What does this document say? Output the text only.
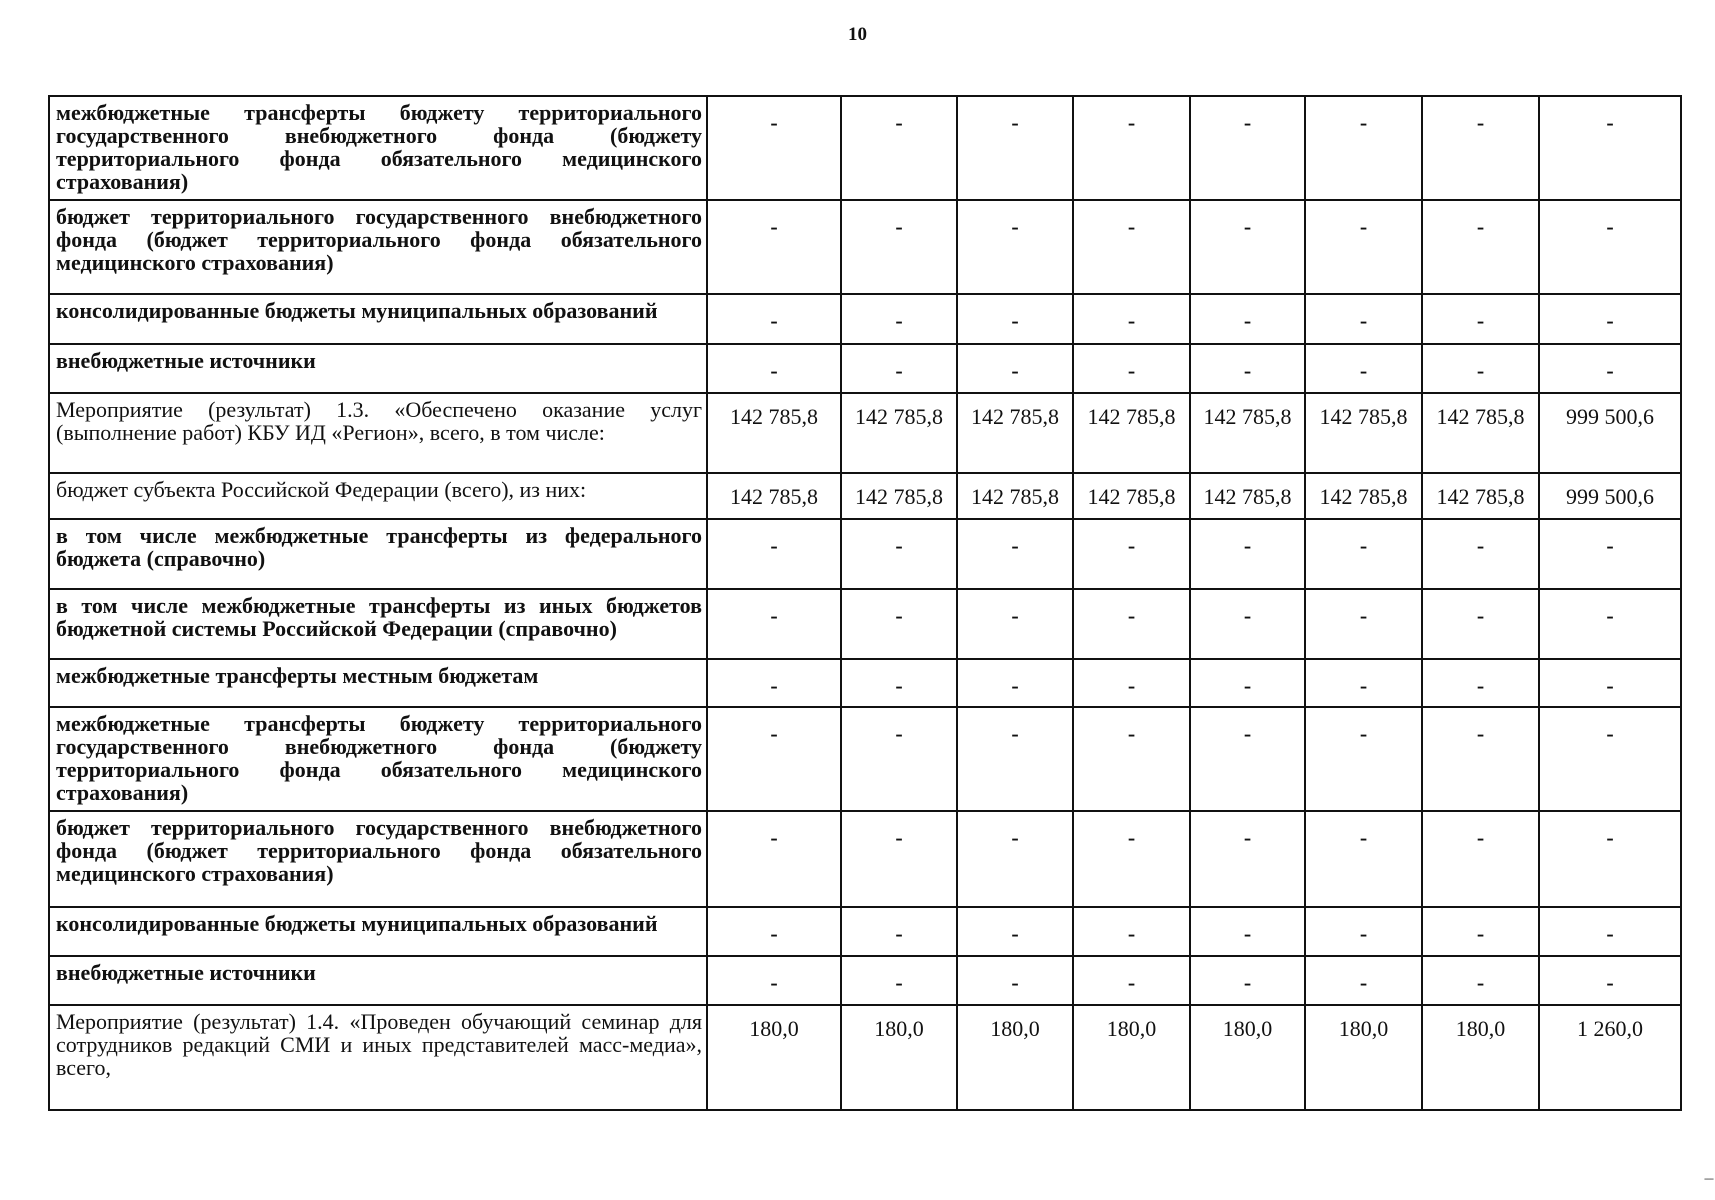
10
межбюджетные трансферты бюджету территориального государственного внебюджетного фонда (бюджету территориального фонда обязательного медицинского страхования)	-	-	-	-	-	-	-	-
бюджет территориального государственного внебюджетного фонда (бюджет территориального фонда обязательного медицинского страхования)	-	-	-	-	-	-	-	-
консолидированные бюджеты муниципальных образований	-	-	-	-	-	-	-	-
внебюджетные источники	-	-	-	-	-	-	-	-
Мероприятие (результат) 1.3. «Обеспечено оказание услуг (выполнение работ) КБУ ИД «Регион», всего, в том числе:	142 785,8	142 785,8	142 785,8	142 785,8	142 785,8	142 785,8	142 785,8	999 500,6
бюджет субъекта Российской Федерации (всего), из них:	142 785,8	142 785,8	142 785,8	142 785,8	142 785,8	142 785,8	142 785,8	999 500,6
в том числе межбюджетные трансферты из федерального бюджета (справочно)	-	-	-	-	-	-	-	-
в том числе межбюджетные трансферты из иных бюджетов бюджетной системы Российской Федерации (справочно)	-	-	-	-	-	-	-	-
межбюджетные трансферты местным бюджетам	-	-	-	-	-	-	-	-
межбюджетные трансферты бюджету территориального государственного внебюджетного фонда (бюджету территориального фонда обязательного медицинского страхования)	-	-	-	-	-	-	-	-
бюджет территориального государственного внебюджетного фонда (бюджет территориального фонда обязательного медицинского страхования)	-	-	-	-	-	-	-	-
консолидированные бюджеты муниципальных образований	-	-	-	-	-	-	-	-
внебюджетные источники	-	-	-	-	-	-	-	-
Мероприятие (результат) 1.4. «Проведен обучающий семинар для сотрудников редакций СМИ и иных представителей масс-медиа», всего,	180,0	180,0	180,0	180,0	180,0	180,0	180,0	1 260,0
---
